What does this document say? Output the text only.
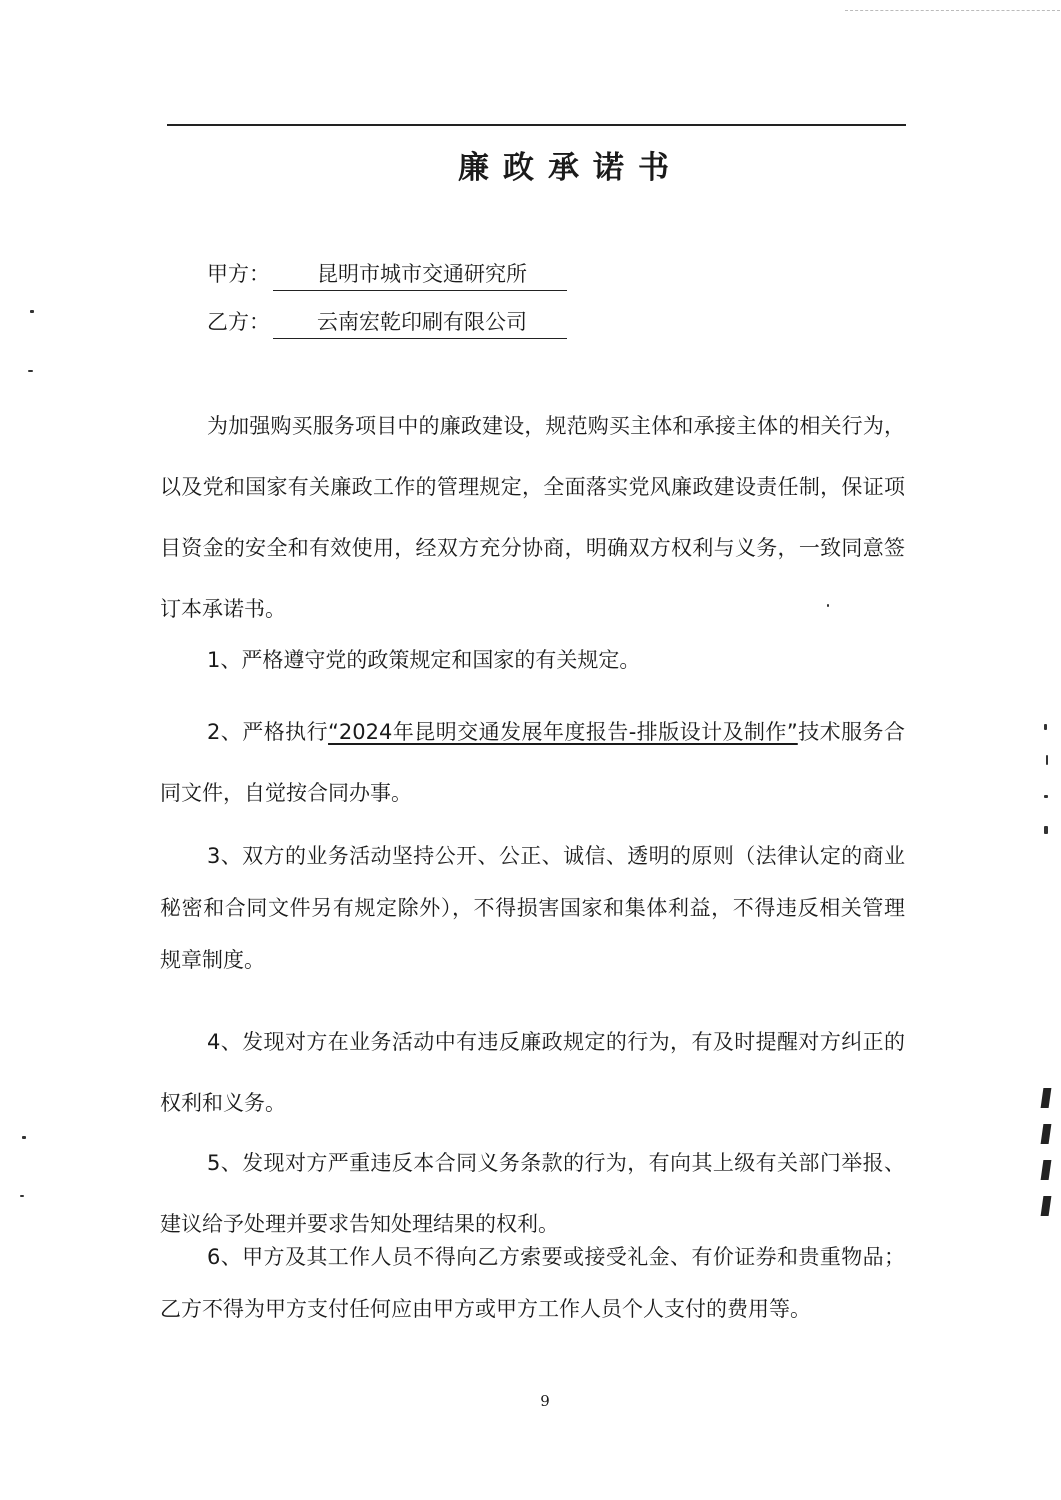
廉政承诺书
甲方： 昆明市城市交通研究所
乙方： 云南宏乾印刷有限公司
为加强购买服务项目中的廉政建设，规范购买主体和承接主体的相关行为，以及党和国家有关廉政工作的管理规定，全面落实党风廉政建设责任制，保证项目资金的安全和有效使用，经双方充分协商，明确双方权利与义务，一致同意签订本承诺书。
1、严格遵守党的政策规定和国家的有关规定。
2、严格执行“2024年昆明交通发展年度报告-排版设计及制作”技术服务合同文件，自觉按合同办事。
3、双方的业务活动坚持公开、公正、诚信、透明的原则（法律认定的商业秘密和合同文件另有规定除外），不得损害国家和集体利益，不得违反相关管理规章制度。
4、发现对方在业务活动中有违反廉政规定的行为，有及时提醒对方纠正的权利和义务。
5、发现对方严重违反本合同义务条款的行为，有向其上级有关部门举报、建议给予处理并要求告知处理结果的权利。
6、甲方及其工作人员不得向乙方索要或接受礼金、有价证券和贵重物品；乙方不得为甲方支付任何应由甲方或甲方工作人员个人支付的费用等。
9
